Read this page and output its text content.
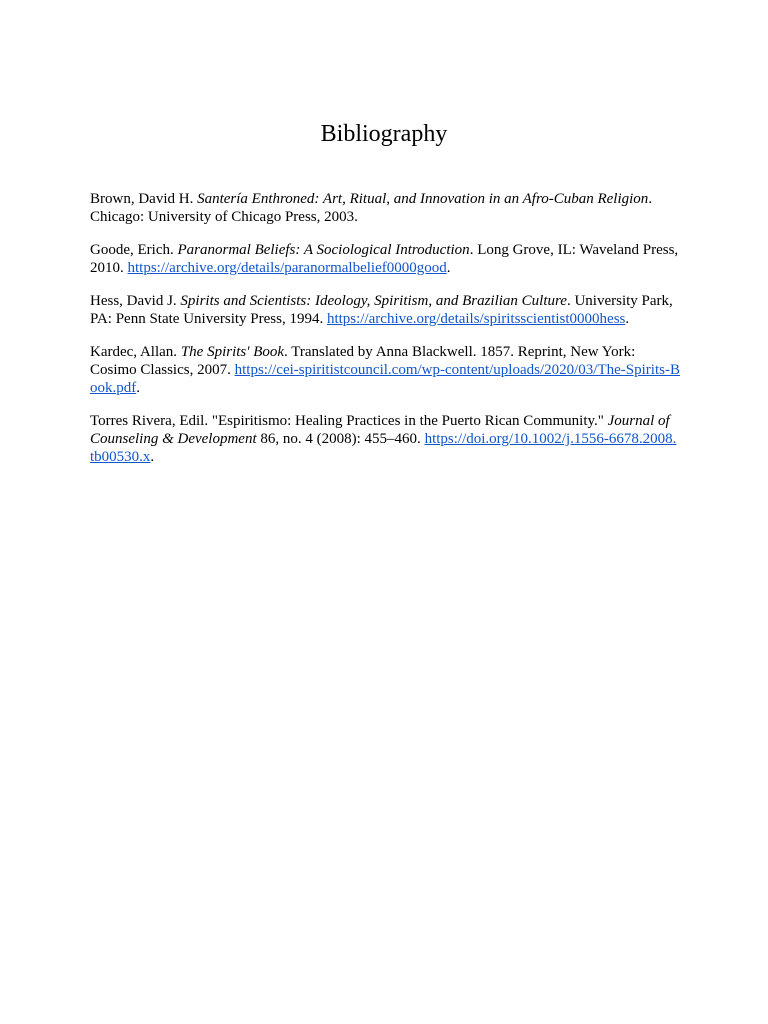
Bibliography

Brown, David H. Santería Enthroned: Art, Ritual, and Innovation in an Afro-Cuban Religion. Chicago: University of Chicago Press, 2003.

Goode, Erich. Paranormal Beliefs: A Sociological Introduction. Long Grove, IL: Waveland Press, 2010. https://archive.org/details/paranormalbelief0000good.

Hess, David J. Spirits and Scientists: Ideology, Spiritism, and Brazilian Culture. University Park, PA: Penn State University Press, 1994. https://archive.org/details/spiritsscientist0000hess.

Kardec, Allan. The Spirits' Book. Translated by Anna Blackwell. 1857. Reprint, New York: Cosimo Classics, 2007. https://cei-spiritistcouncil.com/wp-content/uploads/2020/03/The-Spirits-Book.pdf.

Torres Rivera, Edil. "Espiritismo: Healing Practices in the Puerto Rican Community." Journal of Counseling & Development 86, no. 4 (2008): 455–460. https://doi.org/10.1002/j.1556-6678.2008.tb00530.x.
